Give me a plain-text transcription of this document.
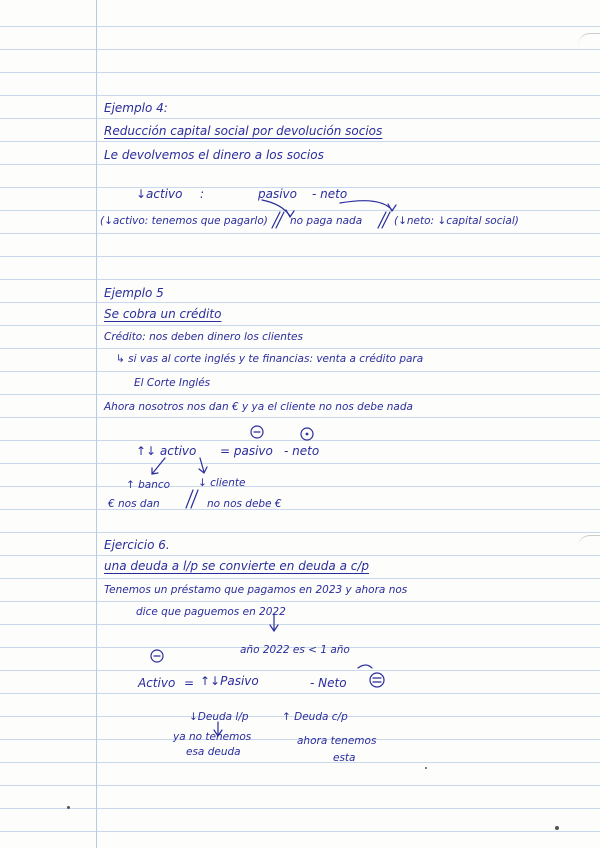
Ejemplo 4:
Reducción capital social por devolución socios
Le devolvemos el dinero a los socios
↓activo :	pasivo - neto
(↓activo: tenemos que pagarlo) no paga nada	(↓neto: ↓capital social)
Ejemplo 5
Se cobra un crédito
Crédito: nos deben dinero los clientes
↳ si vas al corte inglés y te financias: venta a crédito para
El Corte Inglés
Ahora nosotros nos dan € y ya el cliente no nos debe nada
↑↓ activo = pasivo - neto
↑ banco	↓ cliente
€ nos dan	no nos debe €
Ejercicio 6.
una deuda a l/p se convierte en deuda a c/p
Tenemos un préstamo que pagamos en 2023 y ahora nos
dice que paguemos en 2022
año 2022 es < 1 año
Activo = ↑↓Pasivo	- Neto
↓Deuda l/p	↑ Deuda c/p
ya no tenemos
esa deuda
ahora tenemos
esta
